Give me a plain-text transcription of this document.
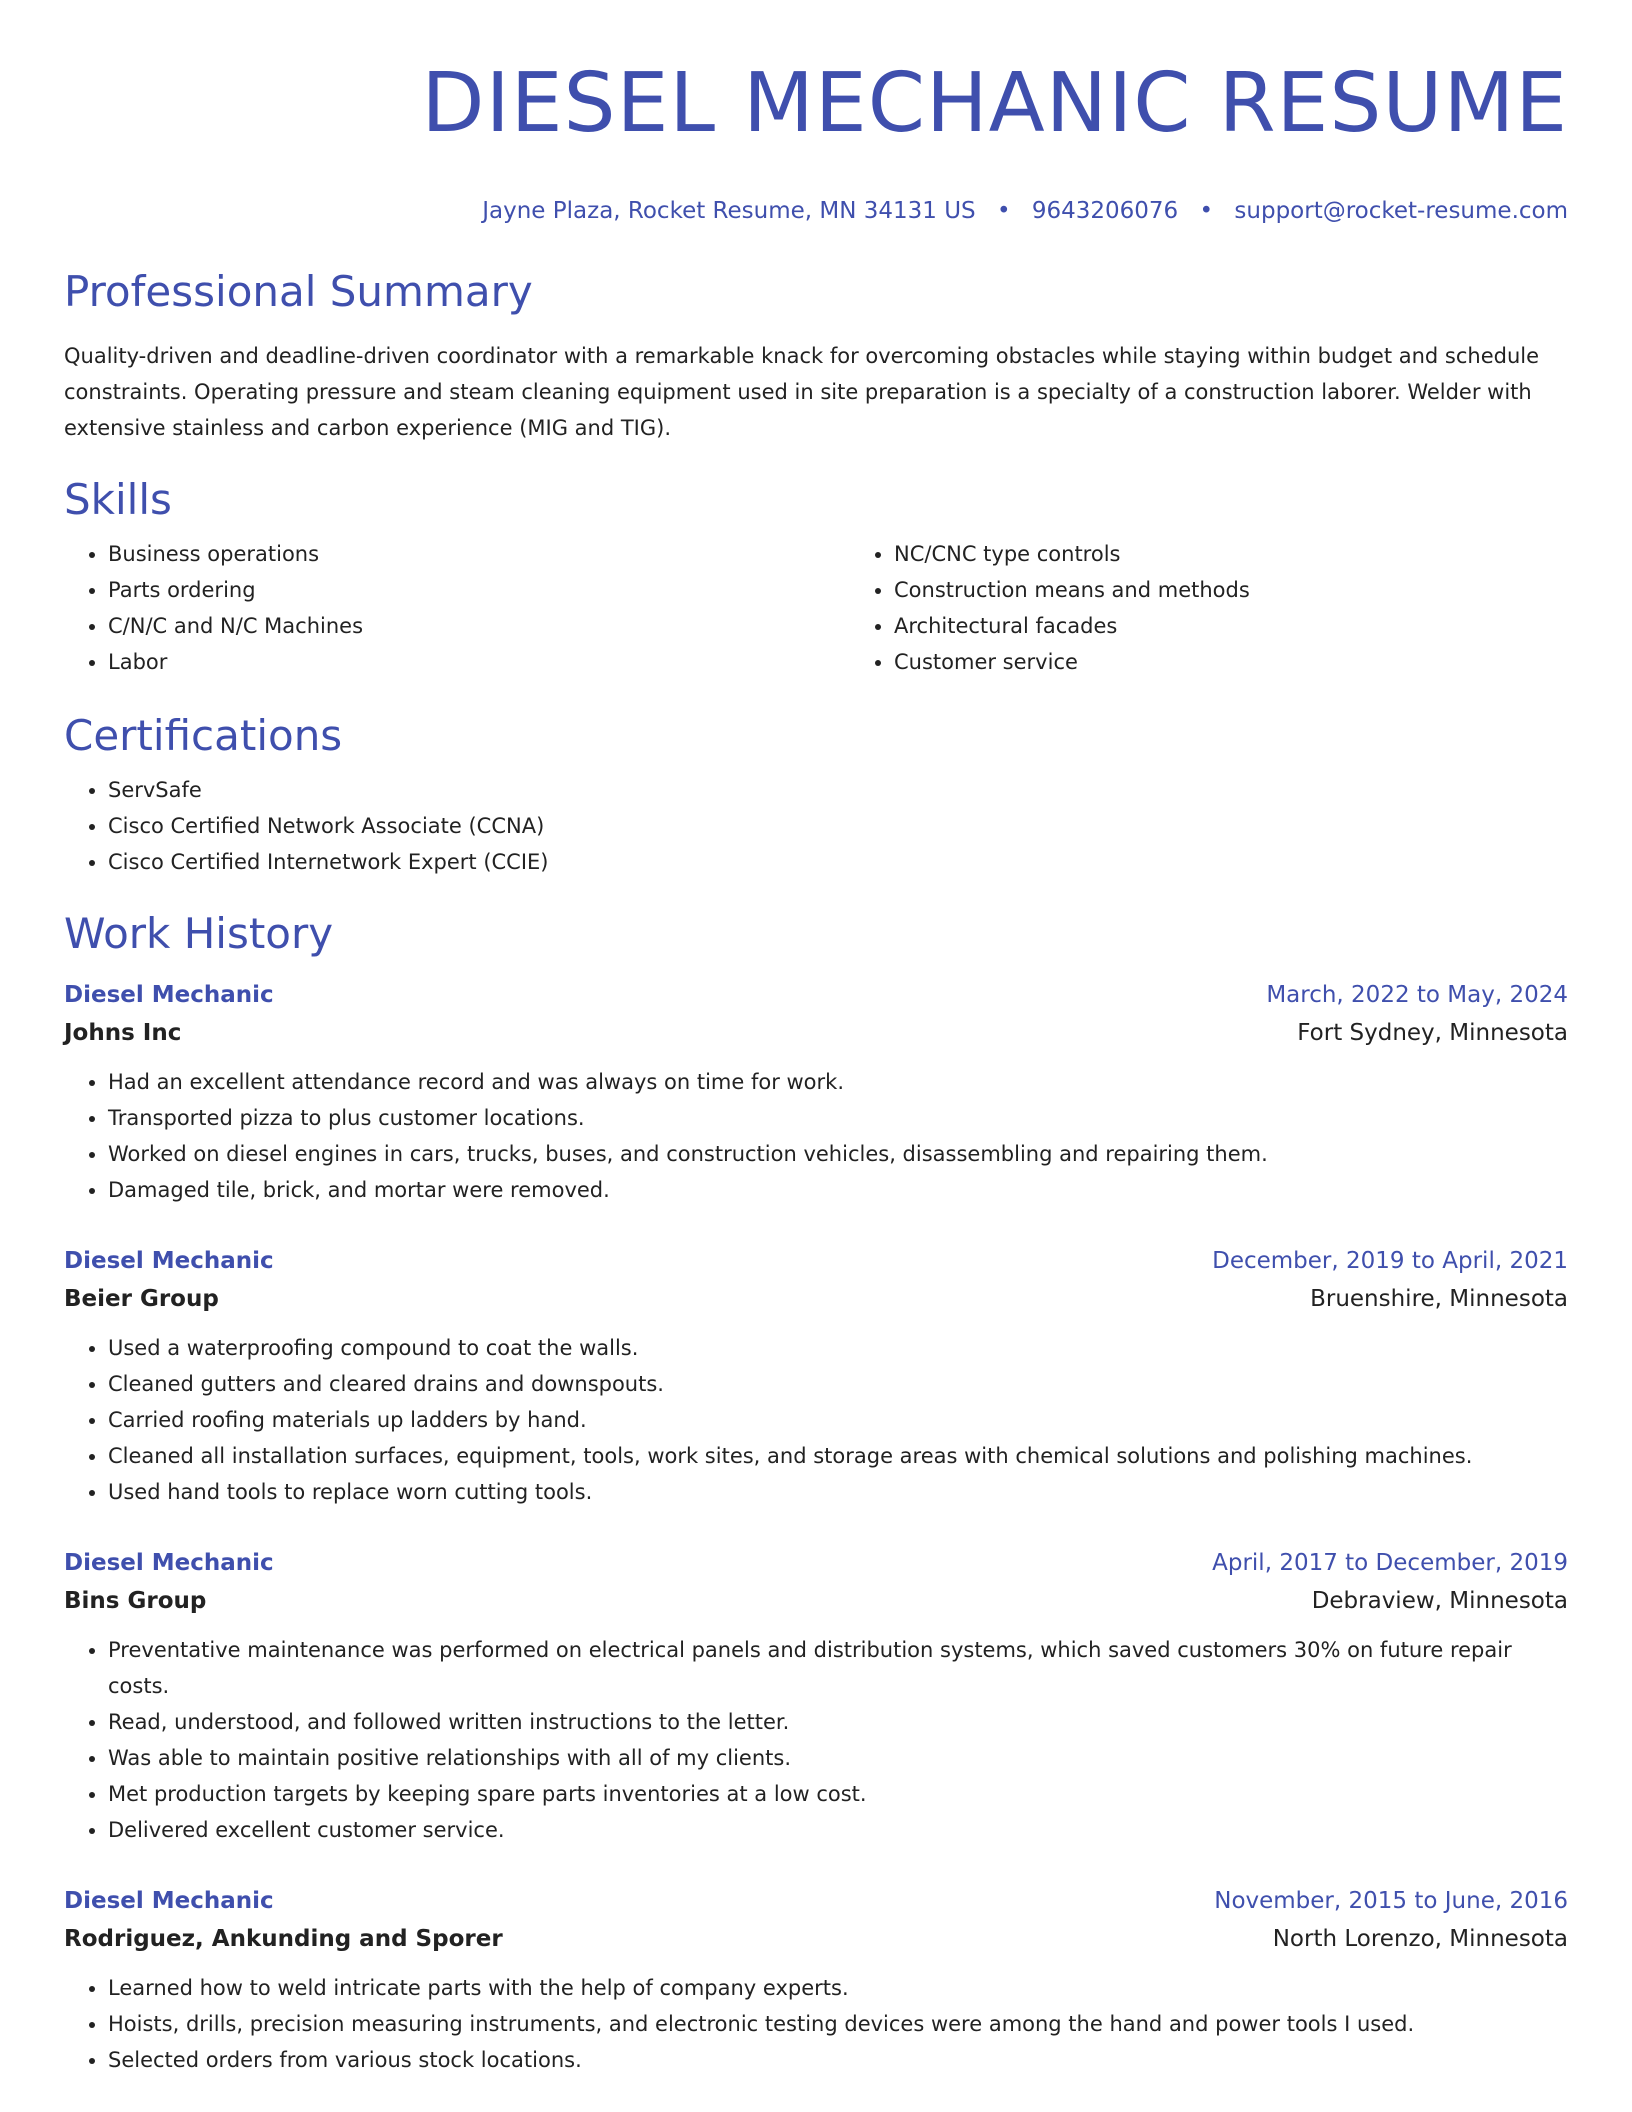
DIESEL MECHANIC RESUME
Jayne Plaza, Rocket Resume, MN 34131 US • 9643206076 • support@rocket-resume.com
Professional Summary

Quality-driven and deadline-driven coordinator with a remarkable knack for overcoming obstacles while staying within budget and schedule constraints. Operating pressure and steam cleaning equipment used in site preparation is a specialty of a construction laborer. Welder with extensive stainless and carbon experience (MIG and TIG).

Skills
• Business operations
• Parts ordering
• C/N/C and N/C Machines
• Labor
• NC/CNC type controls
• Construction means and methods
• Architectural facades
• Customer service
Certifications
• ServSafe
• Cisco Certified Network Associate (CCNA)
• Cisco Certified Internetwork Expert (CCIE)
Work History
Diesel Mechanic	March, 2022 to May, 2024
Johns Inc	Fort Sydney, Minnesota
• Had an excellent attendance record and was always on time for work.
• Transported pizza to plus customer locations.
• Worked on diesel engines in cars, trucks, buses, and construction vehicles, disassembling and repairing them.
• Damaged tile, brick, and mortar were removed.
Diesel Mechanic	December, 2019 to April, 2021
Beier Group	Bruenshire, Minnesota
• Used a waterproofing compound to coat the walls.
• Cleaned gutters and cleared drains and downspouts.
• Carried roofing materials up ladders by hand.
• Cleaned all installation surfaces, equipment, tools, work sites, and storage areas with chemical solutions and polishing machines.
• Used hand tools to replace worn cutting tools.
Diesel Mechanic	April, 2017 to December, 2019
Bins Group	Debraview, Minnesota
• Preventative maintenance was performed on electrical panels and distribution systems, which saved customers 30% on future repair costs.
• Read, understood, and followed written instructions to the letter.
• Was able to maintain positive relationships with all of my clients.
• Met production targets by keeping spare parts inventories at a low cost.
• Delivered excellent customer service.
Diesel Mechanic	November, 2015 to June, 2016
Rodriguez, Ankunding and Sporer	North Lorenzo, Minnesota
• Learned how to weld intricate parts with the help of company experts.
• Hoists, drills, precision measuring instruments, and electronic testing devices were among the hand and power tools I used.
• Selected orders from various stock locations.
